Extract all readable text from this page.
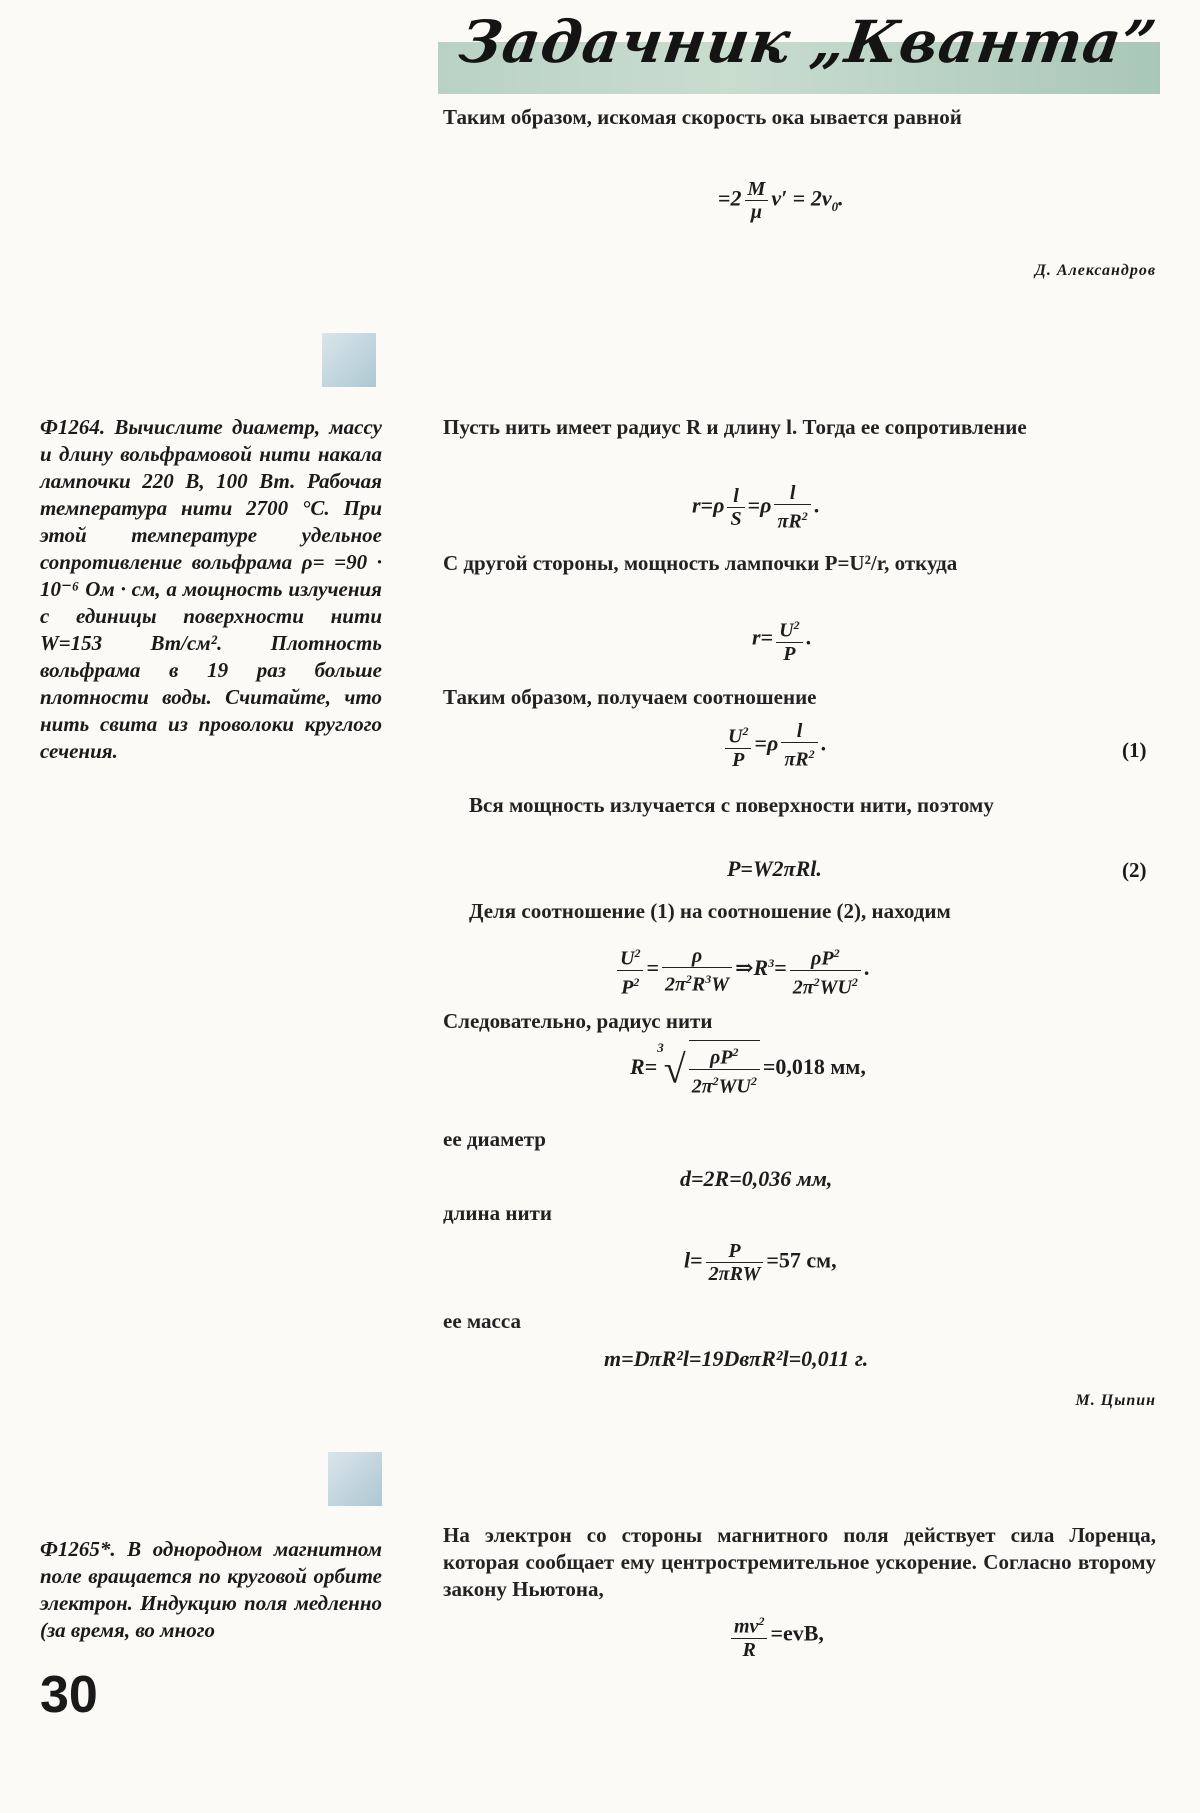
Задачник „Кванта”
Таким образом, искомая скорость ока ывается равной
$=2 \frac{M}{\mu} v' = 2v_0$.
Д. Александров
Ф1264. Вычислите диаметр, массу и длину вольфрамовой нити накала лампочки 220 В, 100 Вт. Рабочая температура нити 2700 °C. При этой температуре удельное сопротивление вольфрама ρ= =90 · 10⁻⁶ Ом · см, а мощность излучения с единицы поверхности нити W=153 Вт/см². Плотность вольфрама в 19 раз больше плотности воды. Считайте, что нить свита из проволоки круглого сечения.
Пусть нить имеет радиус R и длину l. Тогда ее сопротивление
$r=\rho \frac{l}{S} =\rho \frac{l}{\pi R^2}$ .
С другой стороны, мощность лампочки P=U²/r, откуда
$r= \frac{U^2}{P}$ .
Таким образом, получаем соотношение
$\frac{U^2}{P} =\rho \frac{l}{\pi R^2}$ .	(1)
Вся мощность излучается с поверхности нити, поэтому
P=W2πRl.	(2)
Деля соотношение (1) на соотношение (2), находим
$\frac{U^2}{P^2} = \frac{\rho}{2\pi^2R^3W}$ $\Rightarrow R^3= \frac{\rho P^2}{2\pi^2WU^2}$ .
Следовательно, радиус нити
$R=^3√ \frac{\rho P^2}{2\pi^2WU^2} =0,018$ мм,
ее диаметр
d=2R=0,036 мм,
длина нити
$l= \frac{P}{\text{2πRW}} =57$ см,
ее масса
m=DπR²l=19DвπR²l=0,011 г.
М. Цыпин
Ф1265*. В однородном магнитном поле вращается по круговой орбите электрон. Индукцию поля медленно (за время, во много
На электрон со стороны магнитного поля действует сила Лоренца, которая сообщает ему центростремительное ускорение. Согласно второму закону Ньютона,
$\frac{mv^2}{R} =evB$,
30
